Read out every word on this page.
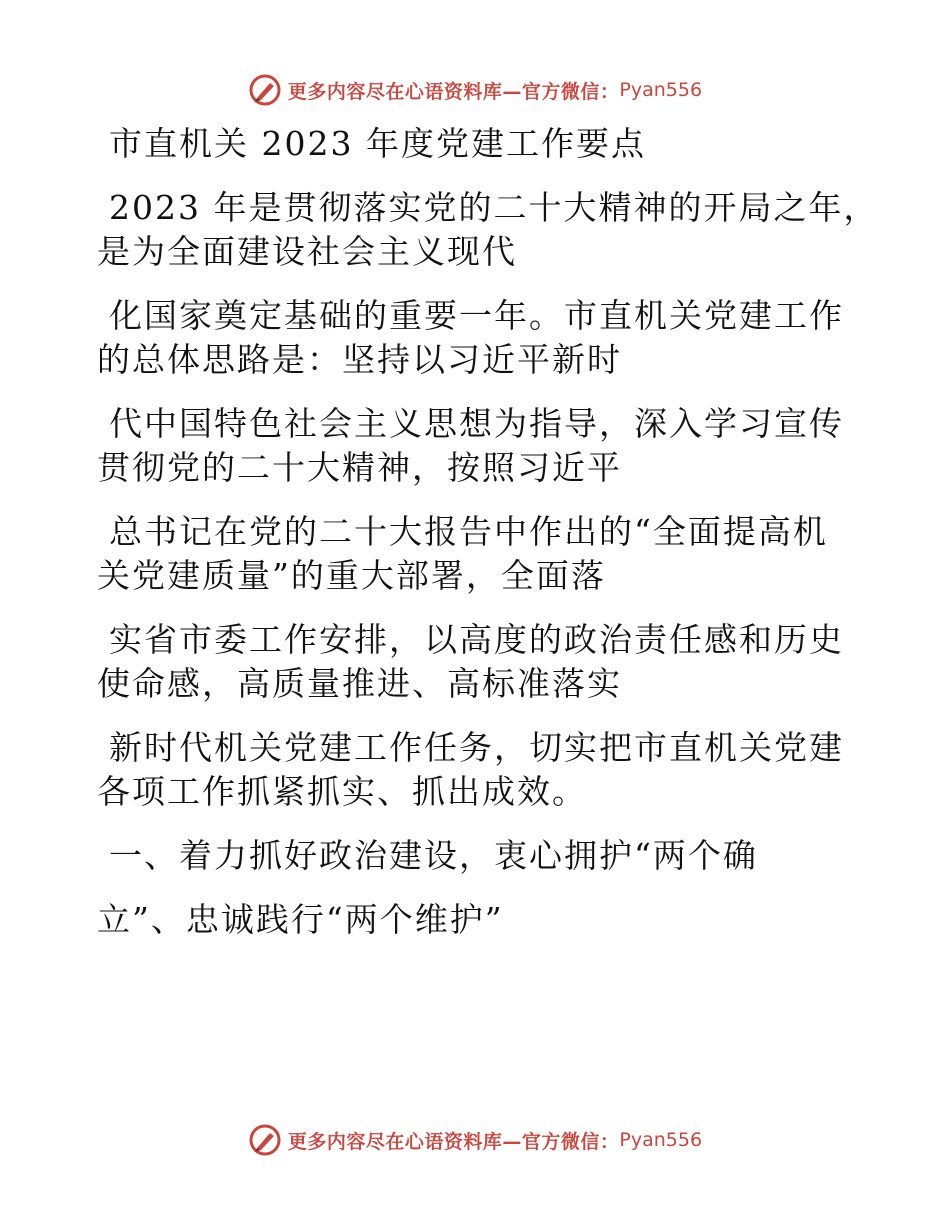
更多内容尽在心语资料库—官方微信： Pyan556
市直机关 2023 年度党建工作要点
2023 年是贯彻落实党的二十大精神的开局之年，
是为全面建设社会主义现代
化国家奠定基础的重要一年。市直机关党建工作
的总体思路是：坚持以习近平新时
代中国特色社会主义思想为指导，深入学习宣传
贯彻党的二十大精神，按照习近平
总书记在党的二十大报告中作出的“全面提高机
关党建质量”的重大部署，全面落
实省市委工作安排，以高度的政治责任感和历史
使命感，高质量推进、高标准落实
新时代机关党建工作任务，切实把市直机关党建
各项工作抓紧抓实、抓出成效。
一、着力抓好政治建设，衷心拥护“两个确
立”、忠诚践行“两个维护”
更多内容尽在心语资料库—官方微信： Pyan556
